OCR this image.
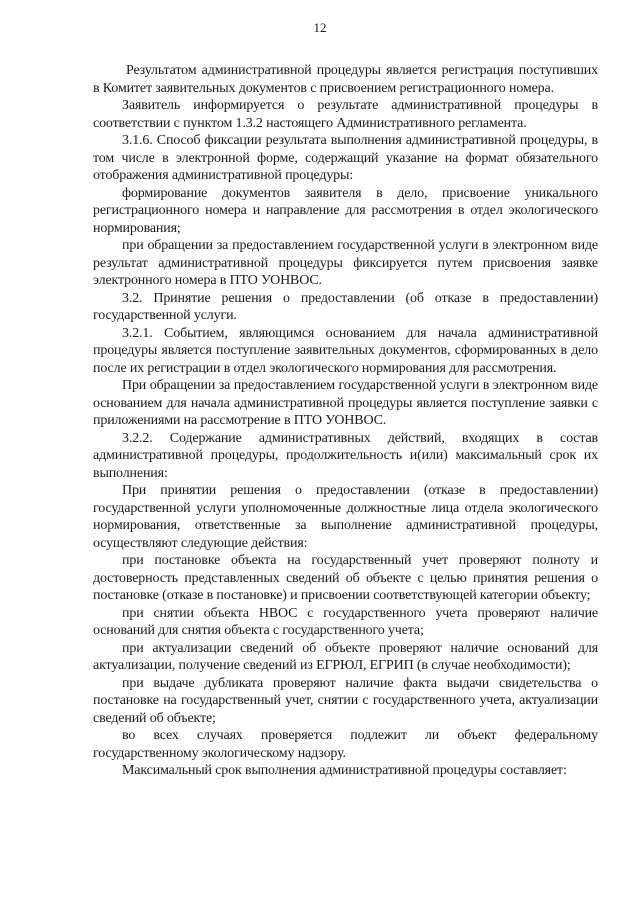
12

Результатом административной процедуры является регистрация поступивших в Комитет заявительных документов с присвоением регистрационного номера.

Заявитель информируется о результате административной процедуры в соответствии с пунктом 1.3.2 настоящего Административного регламента.

3.1.6. Способ фиксации результата выполнения административной процедуры, в том числе в электронной форме, содержащий указание на формат обязательного отображения административной процедуры:

формирование документов заявителя в дело, присвоение уникального регистрационного номера и направление для рассмотрения в отдел экологического нормирования;

при обращении за предоставлением государственной услуги в электронном виде результат административной процедуры фиксируется путем присвоения заявке электронного номера в ПТО УОНВОС.

3.2. Принятие решения о предоставлении (об отказе в предоставлении) государственной услуги.

3.2.1. Событием, являющимся основанием для начала административной процедуры является поступление заявительных документов, сформированных в дело после их регистрации в отдел экологического нормирования для рассмотрения.

При обращении за предоставлением государственной услуги в электронном виде основанием для начала административной процедуры является поступление заявки с приложениями на рассмотрение в ПТО УОНВОС.

3.2.2. Содержание административных действий, входящих в состав административной процедуры, продолжительность и(или) максимальный срок их выполнения:

При принятии решения о предоставлении (отказе в предоставлении) государственной услуги уполномоченные должностные лица отдела экологического нормирования, ответственные за выполнение административной процедуры, осуществляют следующие действия:

при постановке объекта на государственный учет проверяют полноту и достоверность представленных сведений об объекте с целью принятия решения о постановке (отказе в постановке) и присвоении соответствующей категории объекту;

при снятии объекта НВОС с государственного учета проверяют наличие оснований для снятия объекта с государственного учета;

при актуализации сведений об объекте проверяют наличие оснований для актуализации, получение сведений из ЕГРЮЛ, ЕГРИП (в случае необходимости);

при выдаче дубликата проверяют наличие факта выдачи свидетельства о постановке на государственный учет, снятии с государственного учета, актуализации сведений об объекте;

во всех случаях проверяется подлежит ли объект федеральному государственному экологическому надзору.

Максимальный срок выполнения административной процедуры составляет:
